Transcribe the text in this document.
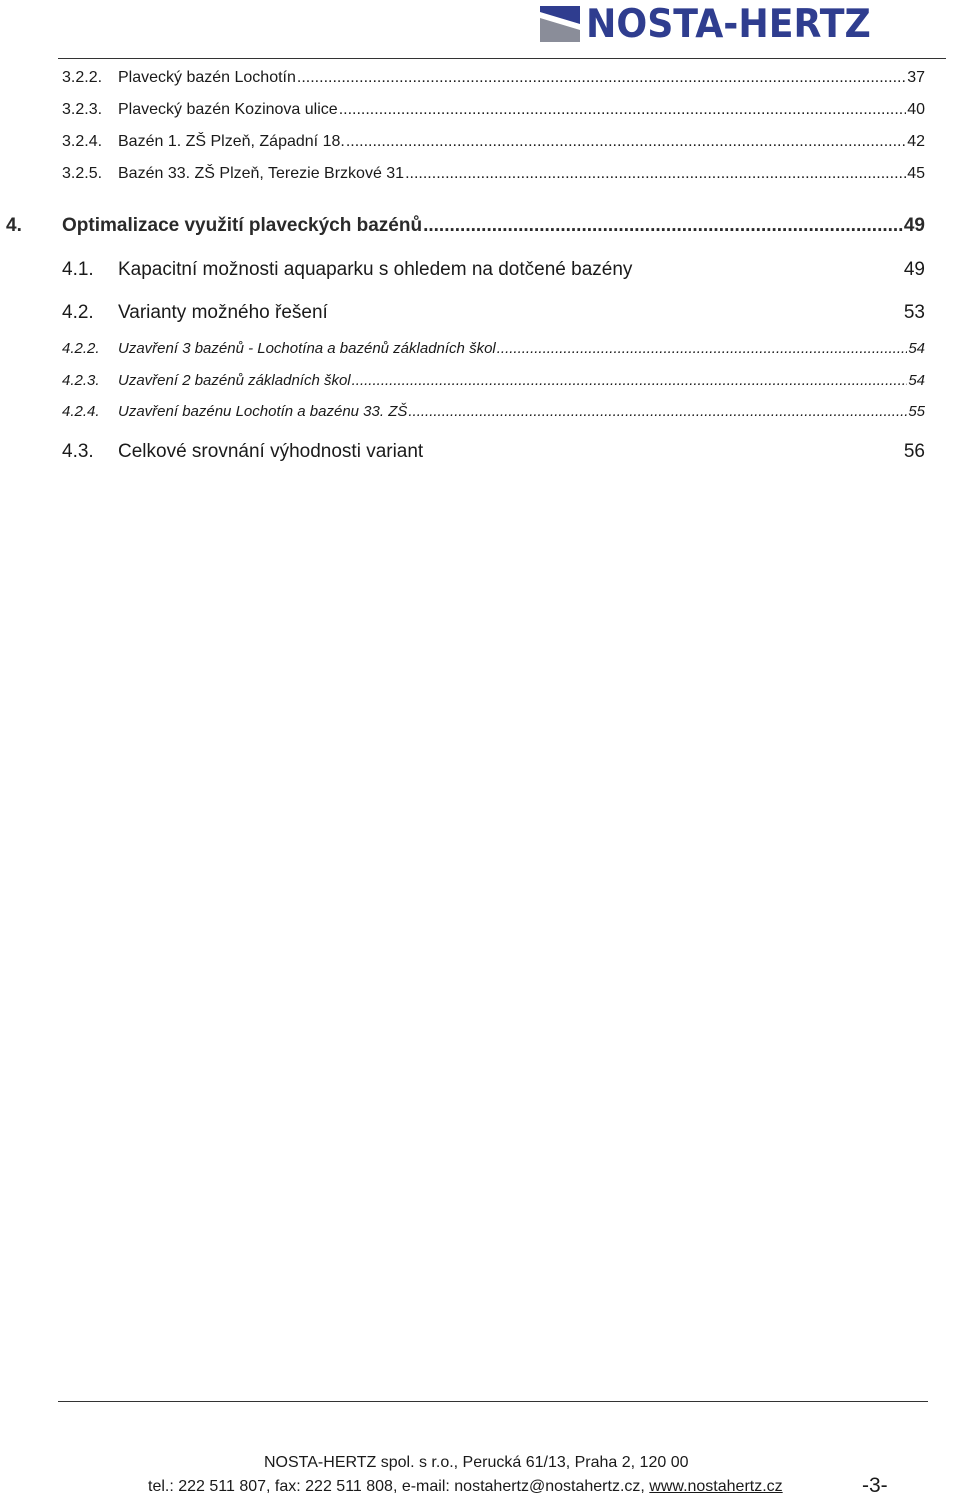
NOSTA-HERTZ
3.2.2. Plavecký bazén Lochotín .....	37
3.2.3. Plavecký bazén Kozinova ulice .....	40
3.2.4. Bazén 1. ZŠ Plzeň, Západní 18. .....	42
3.2.5. Bazén 33. ZŠ Plzeň, Terezie Brzkové 31 .....	45
4.	Optimalizace využití plaveckých bazénů .....	49
4.1.	Kapacitní možnosti aquaparku s ohledem na dotčené bazény	49
4.2.	Varianty možného řešení	53
4.2.2.	Uzavření 3 bazénů - Lochotína a bazénů základních škol .....	54
4.2.3.	Uzavření 2 bazénů základních škol .....	54
4.2.4.	Uzavření bazénu Lochotín a bazénu 33. ZŠ .....	55
4.3.	Celkové srovnání výhodnosti variant	56
NOSTA-HERTZ spol. s r.o., Perucká 61/13, Praha 2, 120 00
tel.: 222 511 807, fax: 222 511 808, e-mail: nostahertz@nostahertz.cz, www.nostahertz.cz	-3-
